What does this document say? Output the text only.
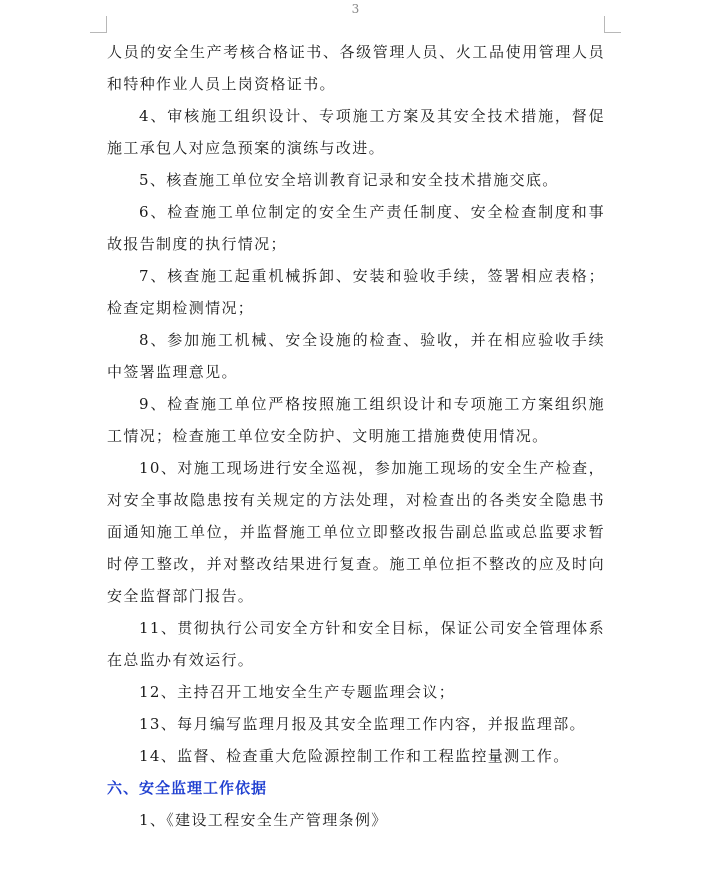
3

人员的安全生产考核合格证书、各级管理人员、火工品使用管理人员和特种作业人员上岗资格证书。

4、审核施工组织设计、专项施工方案及其安全技术措施，督促施工承包人对应急预案的演练与改进。

5、核查施工单位安全培训教育记录和安全技术措施交底。

6、检查施工单位制定的安全生产责任制度、安全检查制度和事故报告制度的执行情况；

7、核查施工起重机械拆卸、安装和验收手续，签署相应表格；检查定期检测情况；

8、参加施工机械、安全设施的检查、验收，并在相应验收手续中签署监理意见。

9、检查施工单位严格按照施工组织设计和专项施工方案组织施工情况；检查施工单位安全防护、文明施工措施费使用情况。

10、对施工现场进行安全巡视，参加施工现场的安全生产检查，对安全事故隐患按有关规定的方法处理，对检查出的各类安全隐患书面通知施工单位，并监督施工单位立即整改报告副总监或总监要求暂时停工整改，并对整改结果进行复查。施工单位拒不整改的应及时向安全监督部门报告。

11、贯彻执行公司安全方针和安全目标，保证公司安全管理体系在总监办有效运行。

12、主持召开工地安全生产专题监理会议；

13、每月编写监理月报及其安全监理工作内容，并报监理部。

14、监督、检查重大危险源控制工作和工程监控量测工作。

六、安全监理工作依据

1、《建设工程安全生产管理条例》
